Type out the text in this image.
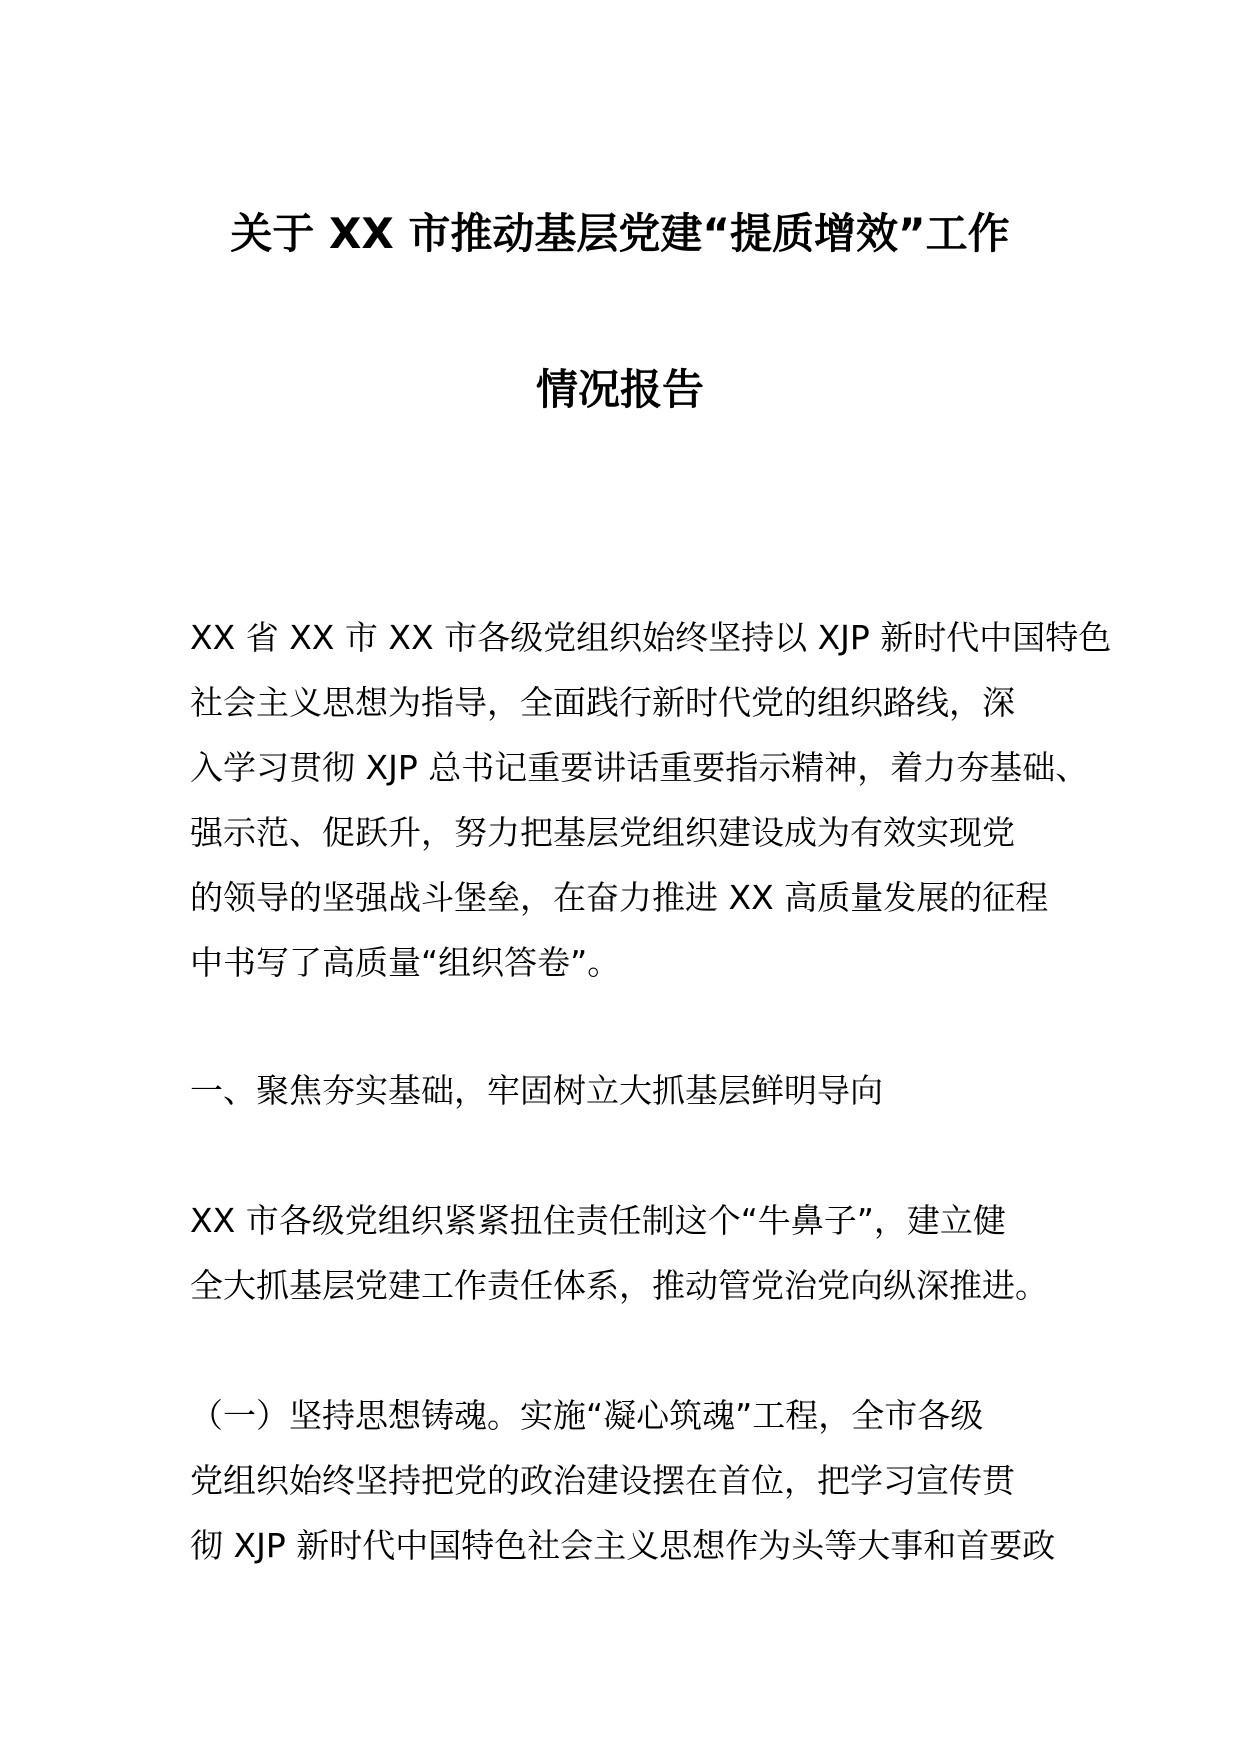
关于 XX 市推动基层党建“提质增效”工作
情况报告
XX 省 XX 市 XX 市各级党组织始终坚持以 XJP 新时代中国特色
社会主义思想为指导，全面践行新时代党的组织路线，深
入学习贯彻 XJP 总书记重要讲话重要指示精神，着力夯基础、
强示范、促跃升，努力把基层党组织建设成为有效实现党
的领导的坚强战斗堡垒，在奋力推进 XX 高质量发展的征程
中书写了高质量“组织答卷”。
一、聚焦夯实基础，牢固树立大抓基层鲜明导向
XX 市各级党组织紧紧扭住责任制这个“牛鼻子”，建立健
全大抓基层党建工作责任体系，推动管党治党向纵深推进。
（一）坚持思想铸魂。实施“凝心筑魂”工程，全市各级
党组织始终坚持把党的政治建设摆在首位，把学习宣传贯
彻 XJP 新时代中国特色社会主义思想作为头等大事和首要政
